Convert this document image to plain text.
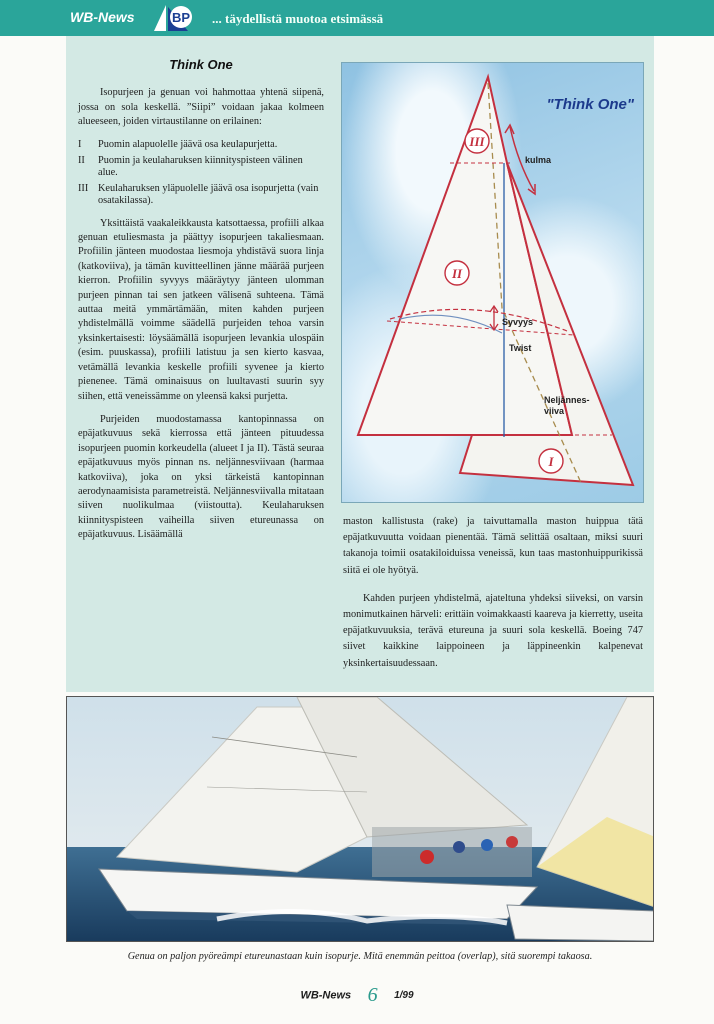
WB-News	BP ... täydellistä muotoa etsimässä
Think One

Isopurjeen ja genuan voi hahmottaa yhtenä siipenä, jossa on sola keskellä. ”Siipi” voidaan jakaa kolmeen alueeseen, joiden virtaustilanne on erilainen:

I	Puomin alapuolelle jäävä osa keulapurjetta.
II	Puomin ja keulaharuksen kiinnityspisteen välinen alue.
III Keulaharuksen yläpuolelle jäävä osa isopurjetta (vain osatakilassa).

Yksittäistä vaakaleikkausta katsottaessa, profiili alkaa genuan etuliesmasta ja päättyy isopurjeen takaliesmaan. Profiilin jänteen muodostaa liesmoja yhdistävä suora linja (katkoviiva), ja tämän kuvitteellinen jänne määrää purjeen kierron. Profiilin syvyys määräytyy jänteen ulomman purjeen pinnan tai sen jatkeen välisenä suhteena. Tämä auttaa meitä ymmärtämään, miten kahden purjeen yhdistelmällä voimme säädellä purjeiden tehoa varsin yksinkertaisesti: löysäämällä isopurjeen levankia ulospäin (esim. puuskassa), profiili latistuu ja sen kierto kasvaa, vetämällä levankia keskelle profiili syvenee ja kierto pienenee. Tämä ominaisuus on luultavasti suurin syy siihen, että veneissämme on yleensä kaksi purjetta.

Purjeiden muodostamassa kantopinnassa on epäjatkuvuus sekä kierrossa että jänteen pituudessa isopurjeen puomin korkeudella (alueet I ja II). Tästä seuraa epäjatkuvuus myös pinnan ns. neljännesviivaan (harmaa katkoviiva), joka on yksi tärkeistä kantopinnan aerodynaamisista parametreistä. Neljännesviivalla mitataan siiven nuolikulmaa (viistoutta). Keulaharuksen kiinnityspisteen vaiheilla siiven etureunassa on epäjatkuvuus. Lisäämällä

III
II
I
"Think One"
kulma
Syvyys
Twist
Neljännes-
viiva

maston kallistusta (rake) ja taivuttamalla maston huippua tätä epäjatkuvuutta voidaan pienentää. Tämä selittää osaltaan, miksi suuri takanoja toimii osatakiloiduissa veneissä, kun taas mastonhuippurikissä siitä ei ole hyötyä.

Kahden purjeen yhdistelmä, ajateltuna yhdeksi siiveksi, on varsin monimutkainen härveli: erittäin voimakkaasti kaareva ja kierretty, useita epäjatkuvuuksia, terävä etureuna ja suuri sola keskellä. Boeing 747 siivet kaikkine laippoineen ja läppineenkin kalpenevat yksinkertaisuudessaan.

Genua on paljon pyöreämpi etureunastaan kuin isopurje. Mitä enemmän peittoa (overlap), sitä suorempi takaosa.
WB-News 6 1/99
